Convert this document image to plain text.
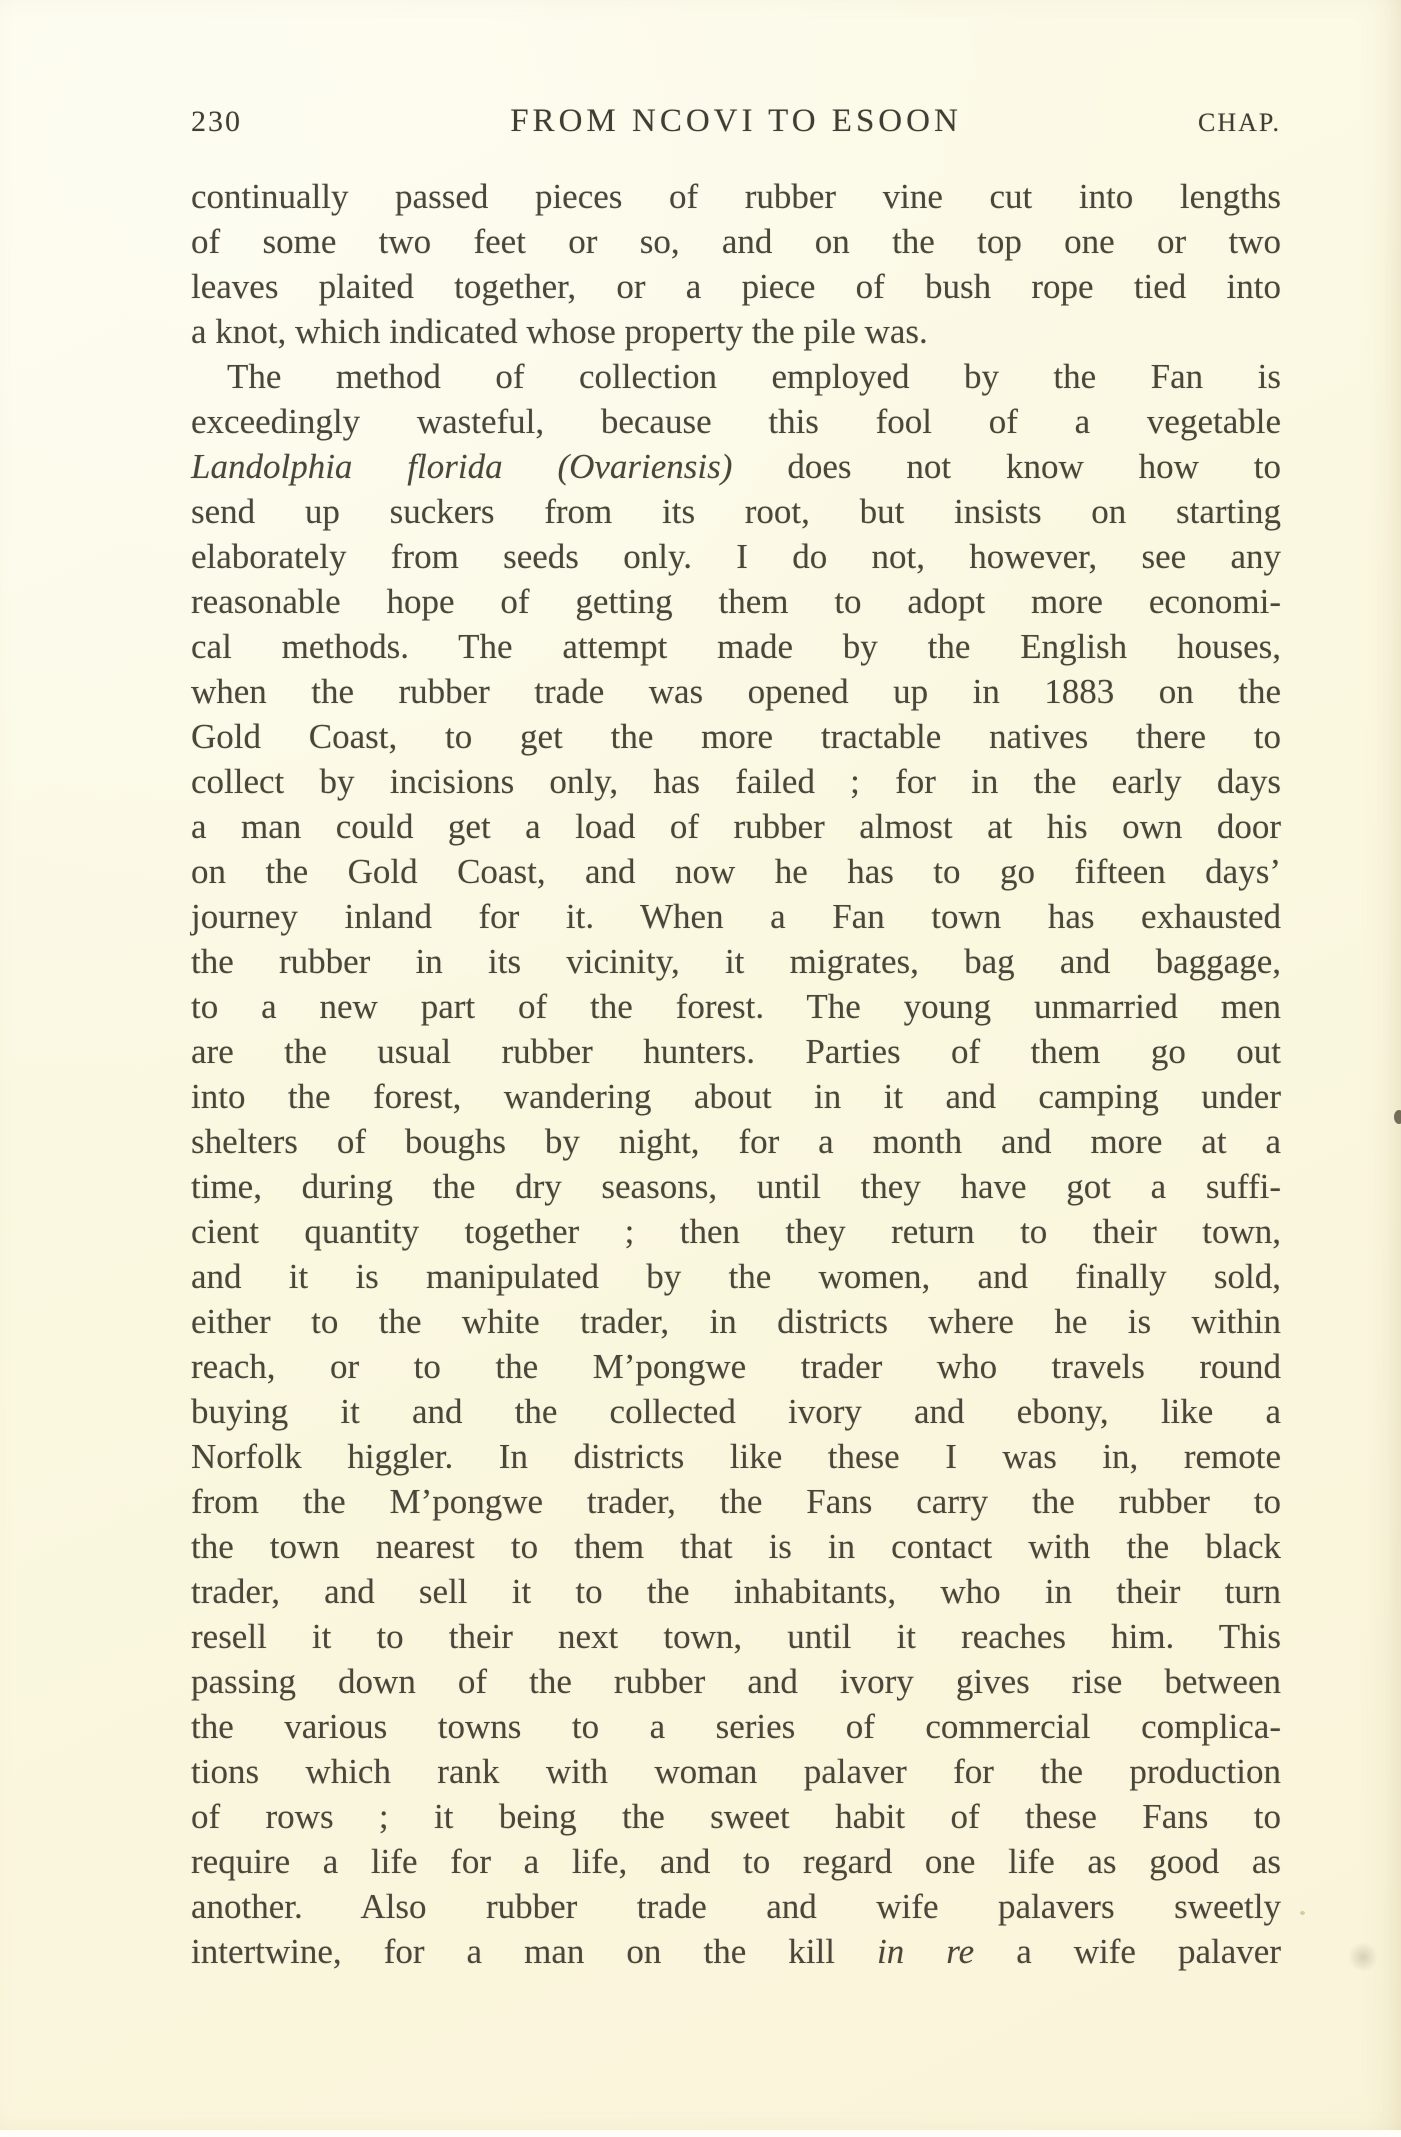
230	FROM NCOVI TO ESOON	CHAP.
continually passed pieces of rubber vine cut into lengths
of some two feet or so, and on the top one or two
leaves plaited together, or a piece of bush rope tied into
a knot, which indicated whose property the pile was.
The method of collection employed by the Fan is
exceedingly wasteful, because this fool of a vegetable
Landolphia florida (Ovariensis) does not know how to
send up suckers from its root, but insists on starting
elaborately from seeds only. I do not, however, see any
reasonable hope of getting them to adopt more economi-
cal methods. The attempt made by the English houses,
when the rubber trade was opened up in 1883 on the
Gold Coast, to get the more tractable natives there to
collect by incisions only, has failed ; for in the early days
a man could get a load of rubber almost at his own door
on the Gold Coast, and now he has to go fifteen days’
journey inland for it. When a Fan town has exhausted
the rubber in its vicinity, it migrates, bag and baggage,
to a new part of the forest. The young unmarried men
are the usual rubber hunters. Parties of them go out
into the forest, wandering about in it and camping under
shelters of boughs by night, for a month and more at a
time, during the dry seasons, until they have got a suffi-
cient quantity together ; then they return to their town,
and it is manipulated by the women, and finally sold,
either to the white trader, in districts where he is within
reach, or to the M’pongwe trader who travels round
buying it and the collected ivory and ebony, like a
Norfolk higgler. In districts like these I was in, remote
from the M’pongwe trader, the Fans carry the rubber to
the town nearest to them that is in contact with the black
trader, and sell it to the inhabitants, who in their turn
resell it to their next town, until it reaches him. This
passing down of the rubber and ivory gives rise between
the various towns to a series of commercial complica-
tions which rank with woman palaver for the production
of rows ; it being the sweet habit of these Fans to
require a life for a life, and to regard one life as good as
another. Also rubber trade and wife palavers sweetly
intertwine, for a man on the kill in re a wife palaver
